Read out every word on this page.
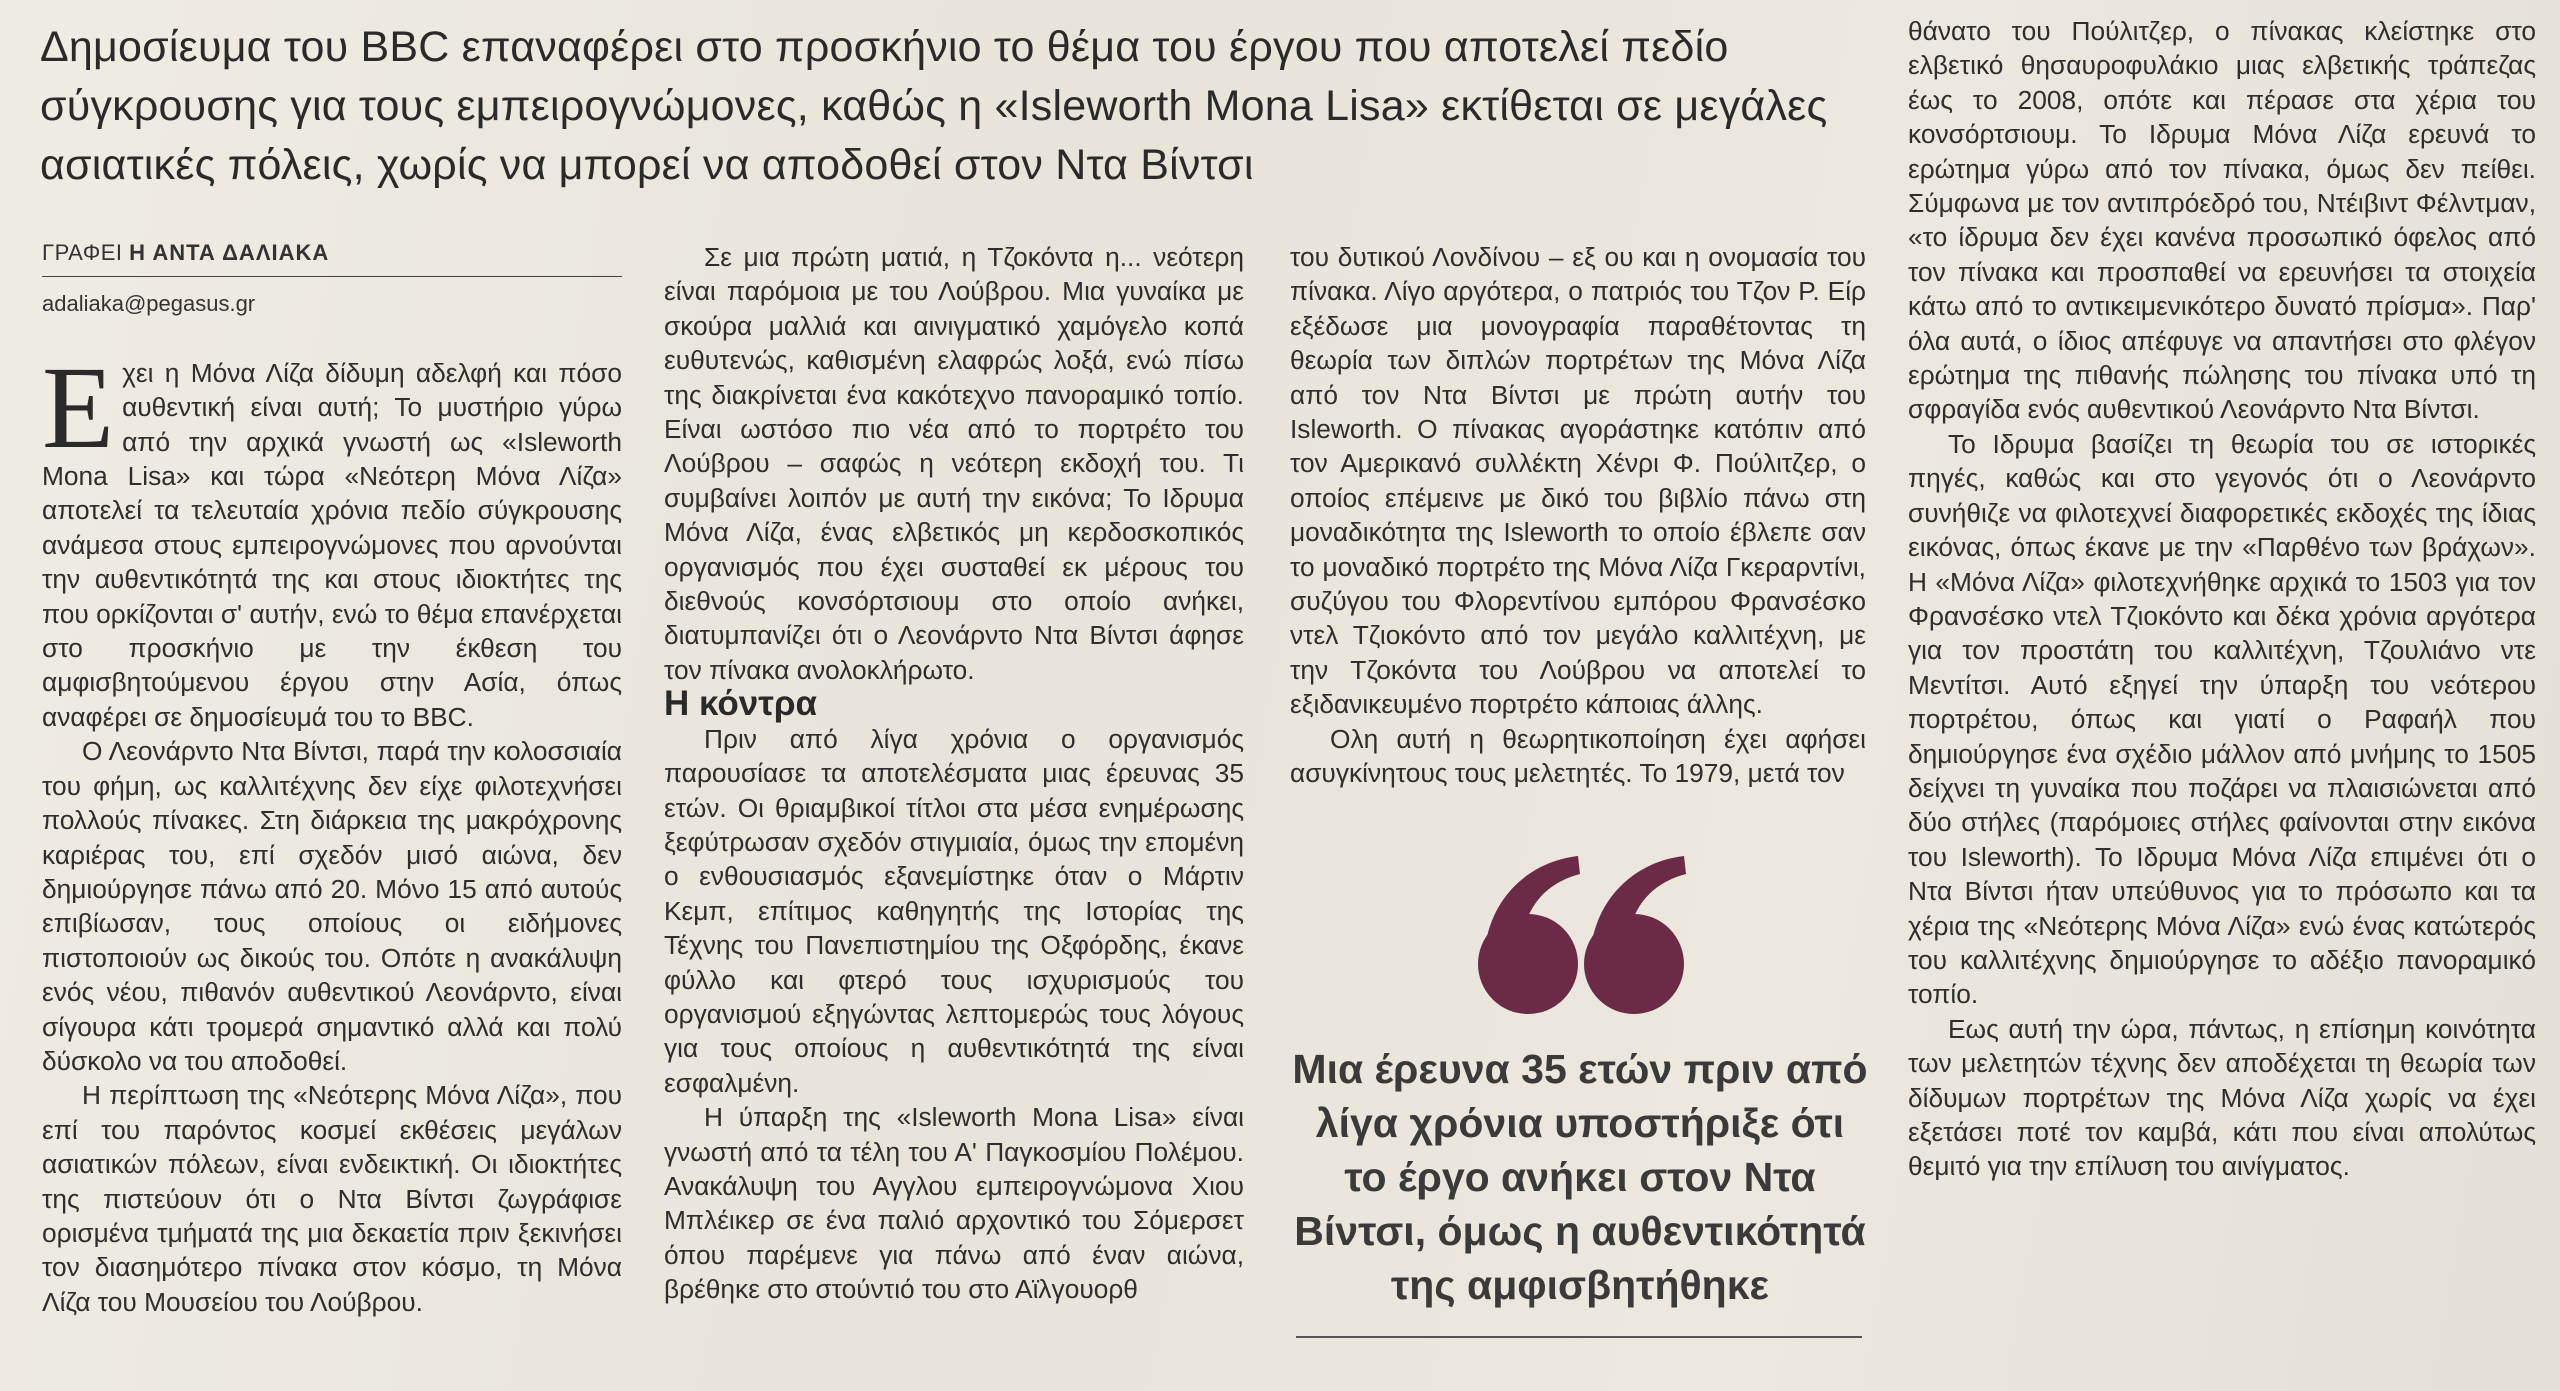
Δημοσίευμα του BBC επαναφέρει στο προσκήνιο το θέμα του έργου που αποτελεί πεδίο σύγκρουσης για τους εμπειρογνώμονες, καθώς η «Isleworth Mona Lisa» εκτίθεται σε μεγάλες ασιατικές πόλεις, χωρίς να μπορεί να αποδοθεί στον Ντα Βίντσι
ΓΡΑΦΕΙ Η ΑΝΤΑ ΔΑΛΙΑΚΑ
adaliaka@pegasus.gr

Εχει η Μόνα Λίζα δίδυμη αδελφή και πόσο αυθεντική είναι αυτή; Το μυστήριο γύρω από την αρχικά γνωστή ως «Isleworth Mona Lisa» και τώρα «Νεότερη Μόνα Λίζα» αποτελεί τα τελευταία χρόνια πεδίο σύγκρουσης ανάμεσα στους εμπειρογνώμονες που αρνούνται την αυθεντικότητά της και στους ιδιοκτήτες της που ορκίζονται σ' αυτήν, ενώ το θέμα επανέρχεται στο προσκήνιο με την έκθεση του αμφισβητούμενου έργου στην Ασία, όπως αναφέρει σε δημοσίευμά του το BBC.

Ο Λεονάρντο Ντα Βίντσι, παρά την κολοσσιαία του φήμη, ως καλλιτέχνης δεν είχε φιλοτεχνήσει πολλούς πίνακες. Στη διάρκεια της μακρόχρονης καριέρας του, επί σχεδόν μισό αιώνα, δεν δημιούργησε πάνω από 20. Μόνο 15 από αυτούς επιβίωσαν, τους οποίους οι ειδήμονες πιστοποιούν ως δικούς του. Οπότε η ανακάλυψη ενός νέου, πιθανόν αυθεντικού Λεονάρντο, είναι σίγουρα κάτι τρομερά σημαντικό αλλά και πολύ δύσκολο να του αποδοθεί.

Η περίπτωση της «Νεότερης Μόνα Λίζα», που επί του παρόντος κοσμεί εκθέσεις μεγάλων ασιατικών πόλεων, είναι ενδεικτική. Οι ιδιοκτήτες της πιστεύουν ότι ο Ντα Βίντσι ζωγράφισε ορισμένα τμήματά της μια δεκαετία πριν ξεκινήσει τον διασημότερο πίνακα στον κόσμο, τη Μόνα Λίζα του Μουσείου του Λούβρου.

Σε μια πρώτη ματιά, η Τζοκόντα η... νεότερη είναι παρόμοια με του Λούβρου. Μια γυναίκα με σκούρα μαλλιά και αινιγματικό χαμόγελο κοπά ευθυτενώς, καθισμένη ελαφρώς λοξά, ενώ πίσω της διακρίνεται ένα κακότεχνο πανοραμικό τοπίο. Είναι ωστόσο πιο νέα από το πορτρέτο του Λούβρου – σαφώς η νεότερη εκδοχή του. Τι συμβαίνει λοιπόν με αυτή την εικόνα; Το Ιδρυμα Μόνα Λίζα, ένας ελβετικός μη κερδοσκοπικός οργανισμός που έχει συσταθεί εκ μέρους του διεθνούς κονσόρτσιουμ στο οποίο ανήκει, διατυμπανίζει ότι ο Λεονάρντο Ντα Βίντσι άφησε τον πίνακα ανολοκλήρωτο.

Η κόντρα

Πριν από λίγα χρόνια ο οργανισμός παρουσίασε τα αποτελέσματα μιας έρευνας 35 ετών. Οι θριαμβικοί τίτλοι στα μέσα ενημέρωσης ξεφύτρωσαν σχεδόν στιγμιαία, όμως την επομένη ο ενθουσιασμός εξανεμίστηκε όταν ο Μάρτιν Κεμπ, επίτιμος καθηγητής της Ιστορίας της Τέχνης του Πανεπιστημίου της Οξφόρδης, έκανε φύλλο και φτερό τους ισχυρισμούς του οργανισμού εξηγώντας λεπτομερώς τους λόγους για τους οποίους η αυθεντικότητά της είναι εσφαλμένη.

Η ύπαρξη της «Isleworth Mona Lisa» είναι γνωστή από τα τέλη του Α' Παγκοσμίου Πολέμου. Ανακάλυψη του Αγγλου εμπειρογνώμονα Χιου Μπλέικερ σε ένα παλιό αρχοντικό του Σόμερσετ όπου παρέμενε για πάνω από έναν αιώνα, βρέθηκε στο στούντιό του στο Αϊλγουορθ

του δυτικού Λονδίνου – εξ ου και η ονομασία του πίνακα. Λίγο αργότερα, ο πατριός του Τζον Ρ. Είρ εξέδωσε μια μονογραφία παραθέτοντας τη θεωρία των διπλών πορτρέτων της Μόνα Λίζα από τον Ντα Βίντσι με πρώτη αυτήν του Isleworth. Ο πίνακας αγοράστηκε κατόπιν από τον Αμερικανό συλλέκτη Χένρι Φ. Πούλιτζερ, ο οποίος επέμεινε με δικό του βιβλίο πάνω στη μοναδικότητα της Isleworth το οποίο έβλεπε σαν το μοναδικό πορτρέτο της Μόνα Λίζα Γκεραρντίνι, συζύγου του Φλορεντίνου εμπόρου Φρανσέσκο ντελ Τζιοκόντο από τον μεγάλο καλλιτέχνη, με την Τζοκόντα του Λούβρου να αποτελεί το εξιδανικευμένο πορτρέτο κάποιας άλλης.

Ολη αυτή η θεωρητικοποίηση έχει αφήσει ασυγκίνητους τους μελετητές. Το 1979, μετά τον

Μια έρευνα 35 ετών πριν από λίγα χρόνια υποστήριξε ότι το έργο ανήκει στον Ντα Βίντσι, όμως η αυθεντικότητά της αμφισβητήθηκε

θάνατο του Πούλιτζερ, ο πίνακας κλείστηκε στο ελβετικό θησαυροφυλάκιο μιας ελβετικής τράπεζας έως το 2008, οπότε και πέρασε στα χέρια του κονσόρτσιουμ. Το Ιδρυμα Μόνα Λίζα ερευνά το ερώτημα γύρω από τον πίνακα, όμως δεν πείθει. Σύμφωνα με τον αντιπρόεδρό του, Ντέιβιντ Φέλντμαν, «το ίδρυμα δεν έχει κανένα προσωπικό όφελος από τον πίνακα και προσπαθεί να ερευνήσει τα στοιχεία κάτω από το αντικειμενικότερο δυνατό πρίσμα». Παρ' όλα αυτά, ο ίδιος απέφυγε να απαντήσει στο φλέγον ερώτημα της πιθανής πώλησης του πίνακα υπό τη σφραγίδα ενός αυθεντικού Λεονάρντο Ντα Βίντσι.

Το Ιδρυμα βασίζει τη θεωρία του σε ιστορικές πηγές, καθώς και στο γεγονός ότι ο Λεονάρντο συνήθιζε να φιλοτεχνεί διαφορετικές εκδοχές της ίδιας εικόνας, όπως έκανε με την «Παρθένο των βράχων». Η «Μόνα Λίζα» φιλοτεχνήθηκε αρχικά το 1503 για τον Φρανσέσκο ντελ Τζιοκόντο και δέκα χρόνια αργότερα για τον προστάτη του καλλιτέχνη, Τζουλιάνο ντε Μεντίτσι. Αυτό εξηγεί την ύπαρξη του νεότερου πορτρέτου, όπως και γιατί ο Ραφαήλ που δημιούργησε ένα σχέδιο μάλλον από μνήμης το 1505 δείχνει τη γυναίκα που ποζάρει να πλαισιώνεται από δύο στήλες (παρόμοιες στήλες φαίνονται στην εικόνα του Isleworth). Το Ιδρυμα Μόνα Λίζα επιμένει ότι ο Ντα Βίντσι ήταν υπεύθυνος για το πρόσωπο και τα χέρια της «Νεότερης Μόνα Λίζα» ενώ ένας κατώτερός του καλλιτέχνης δημιούργησε το αδέξιο πανοραμικό τοπίο.

Εως αυτή την ώρα, πάντως, η επίσημη κοινότητα των μελετητών τέχνης δεν αποδέχεται τη θεωρία των δίδυμων πορτρέτων της Μόνα Λίζα χωρίς να έχει εξετάσει ποτέ τον καμβά, κάτι που είναι απολύτως θεμιτό για την επίλυση του αινίγματος.
